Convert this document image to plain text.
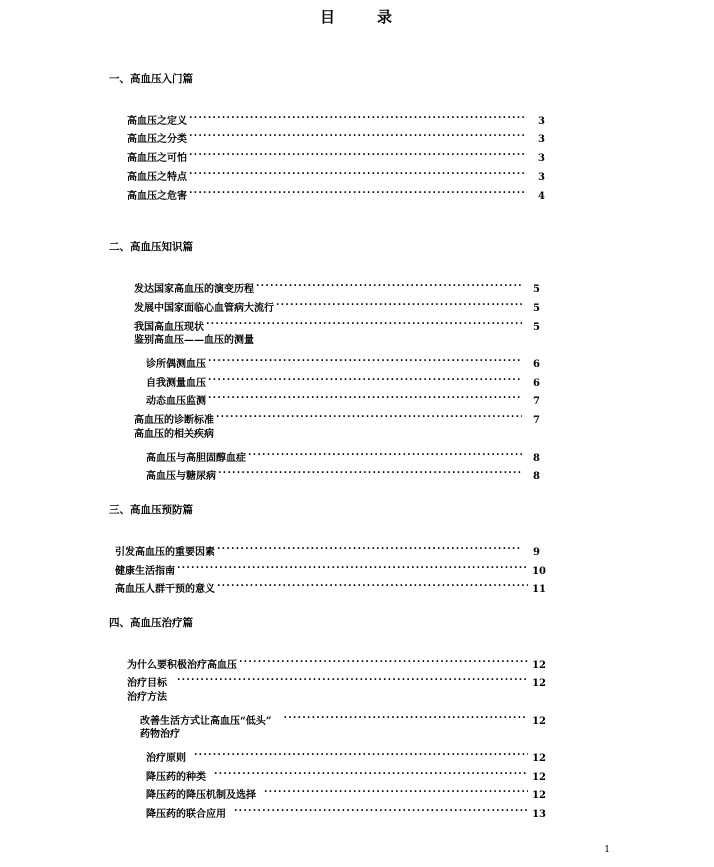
目	录
一、高血压入门篇
高血压之定义 .....	3
高血压之分类 .....	3
高血压之可怕 .....	3
高血压之特点 .....	3
高血压之危害 .....	4
二、高血压知识篇
发达国家高血压的演变历程 .....	5
发展中国家面临心血管病大流行 .....	5
我国高血压现状 .....	5
鉴别高血压——血压的测量
诊所偶测血压 .....	6
自我测量血压 .....	6
动态血压监测 .....	7
高血压的诊断标准 .....	7
高血压的相关疾病
高血压与高胆固醇血症 .....	8
高血压与糖尿病 .....	8
三、高血压预防篇
引发高血压的重要因素 .....	9
健康生活指南 .....	10
高血压人群干预的意义 .....	11
四、高血压治疗篇
为什么要积极治疗高血压 .....	12
治疗目标 .....	12
治疗方法
改善生活方式让高血压“低头” .....	12
药物治疗
治疗原则 .....	12
降压药的种类 .....	12
降压药的降压机制及选择 .....	12
降压药的联合应用 .....	13
1
